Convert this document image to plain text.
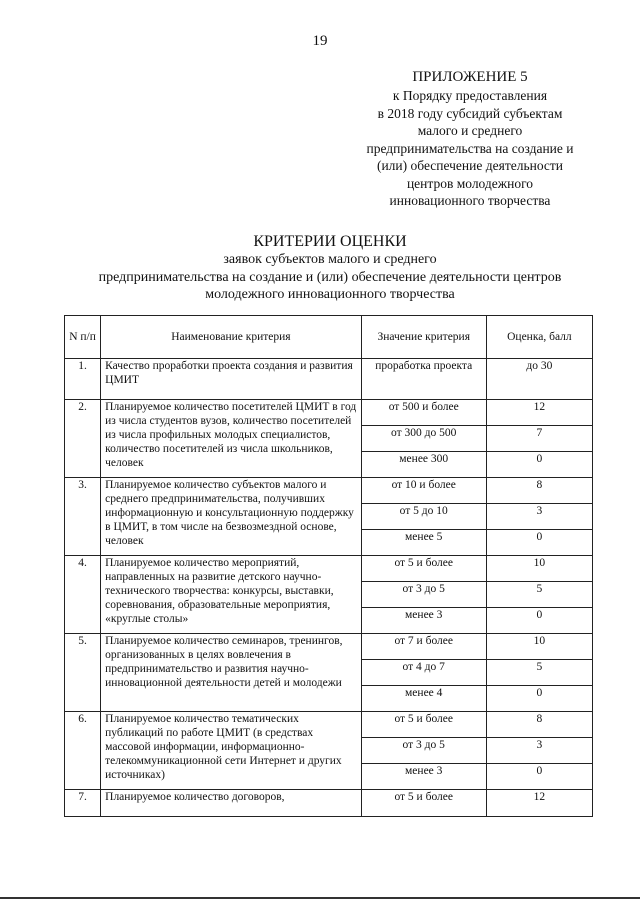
19
ПРИЛОЖЕНИЕ 5
к Порядку предоставления
в 2018 году субсидий субъектам
малого и среднего
предпринимательства на создание и
(или) обеспечение деятельности
центров молодежного
инновационного творчества
КРИТЕРИИ ОЦЕНКИ
заявок субъектов малого и среднего
предпринимательства на создание и (или) обеспечение деятельности центров
молодежного инновационного творчества
N п/п	Наименование критерия	Значение критерия	Оценка, балл
1.	Качество проработки проекта создания и развития ЦМИТ	проработка проекта	до 30
2.	Планируемое количество посетителей ЦМИТ в год из числа студентов вузов, количество посетителей из числа профильных молодых специалистов, количество посетителей из числа школьников, человек	от 500 и более	12
		от 300 до 500	7
		менее 300	0
3.	Планируемое количество субъектов малого и среднего предпринимательства, получивших информационную и консультационную поддержку в ЦМИТ, в том числе на безвозмездной основе, человек	от 10 и более	8
		от 5 до 10	3
		менее 5	0
4.	Планируемое количество мероприятий, направленных на развитие детского научно-технического творчества: конкурсы, выставки, соревнования, образовательные мероприятия, «круглые столы»	от 5 и более	10
		от 3 до 5	5
		менее 3	0
5.	Планируемое количество семинаров, тренингов, организованных в целях вовлечения в предпринимательство и развития научно-инновационной деятельности детей и молодежи	от 7 и более	10
		от 4 до 7	5
		менее 4	0
6.	Планируемое количество тематических публикаций по работе ЦМИТ (в средствах массовой информации, информационно-телекоммуникационной сети Интернет и других источниках)	от 5 и более	8
		от 3 до 5	3
		менее 3	0
7.	Планируемое количество договоров,	от 5 и более	12
